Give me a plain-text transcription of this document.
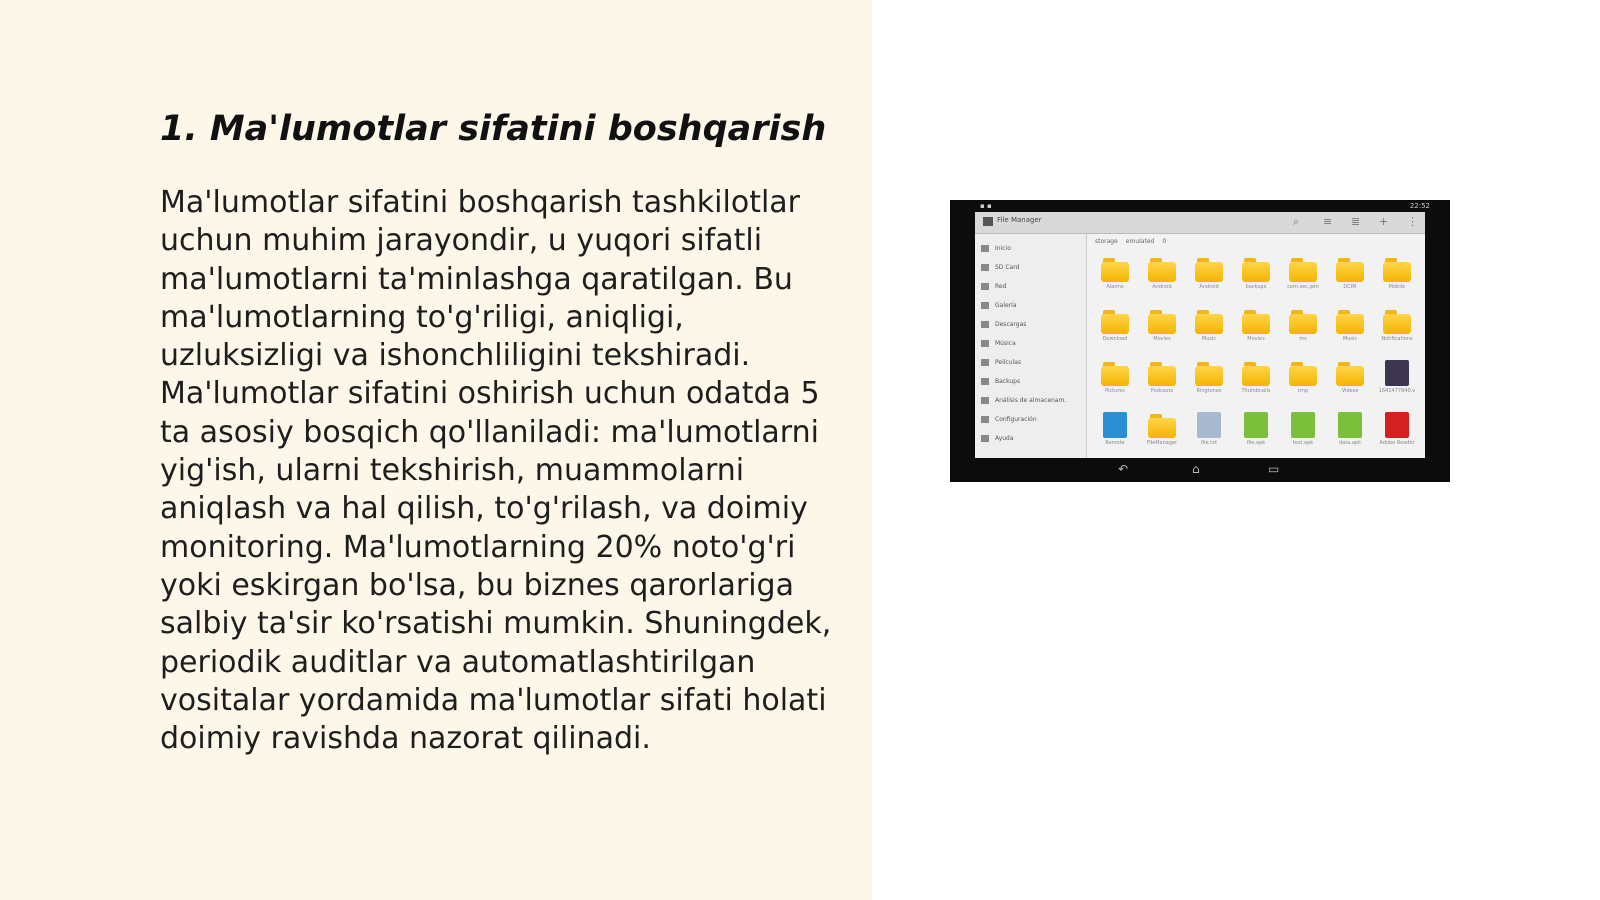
1. Ma'lumotlar sifatini boshqarish
Ma'lumotlar sifatini boshqarish tashkilotlar uchun muhim jarayondir, u yuqori sifatli ma'lumotlarni ta'minlashga qaratilgan. Bu ma'lumotlarning to'g'riligi, aniqligi, uzluksizligi va ishonchliligini tekshiradi. Ma'lumotlar sifatini oshirish uchun odatda 5 ta asosiy bosqich qo'llaniladi: ma'lumotlarni yig'ish, ularni tekshirish, muammolarni aniqlash va hal qilish, to'g'rilash, va doimiy monitoring. Ma'lumotlarning 20% noto'g'ri yoki eskirgan bo'lsa, bu biznes qarorlariga salbiy ta'sir ko'rsatishi mumkin. Shuningdek, periodik auditlar va automatlashtirilgan vositalar yordamida ma'lumotlar sifati holati doimiy ravishda nazorat qilinadi.
▪ ▪	22:52
File Manager	⌕ ≡ ≣ + ⋮
Inicio
SD Card
Red
Galería
Descargas
Música
Películas
Backups
Análisis de almacenam.
Configuración
Ayuda
storage emulated 0
Alarms	Android	Android	backups	com.sec.jam	DCIM	Mobile
Download	Movies	Music	Movies	ms	Music	Notifications
Pictures	Podcasts	Ringtones	Thumbnails	tmp	Videos	1641477840.v
Remote	FileManager	file.txt	file.apk	test.apk	data.apk	Adobe Reader
↶	⌂	▭
